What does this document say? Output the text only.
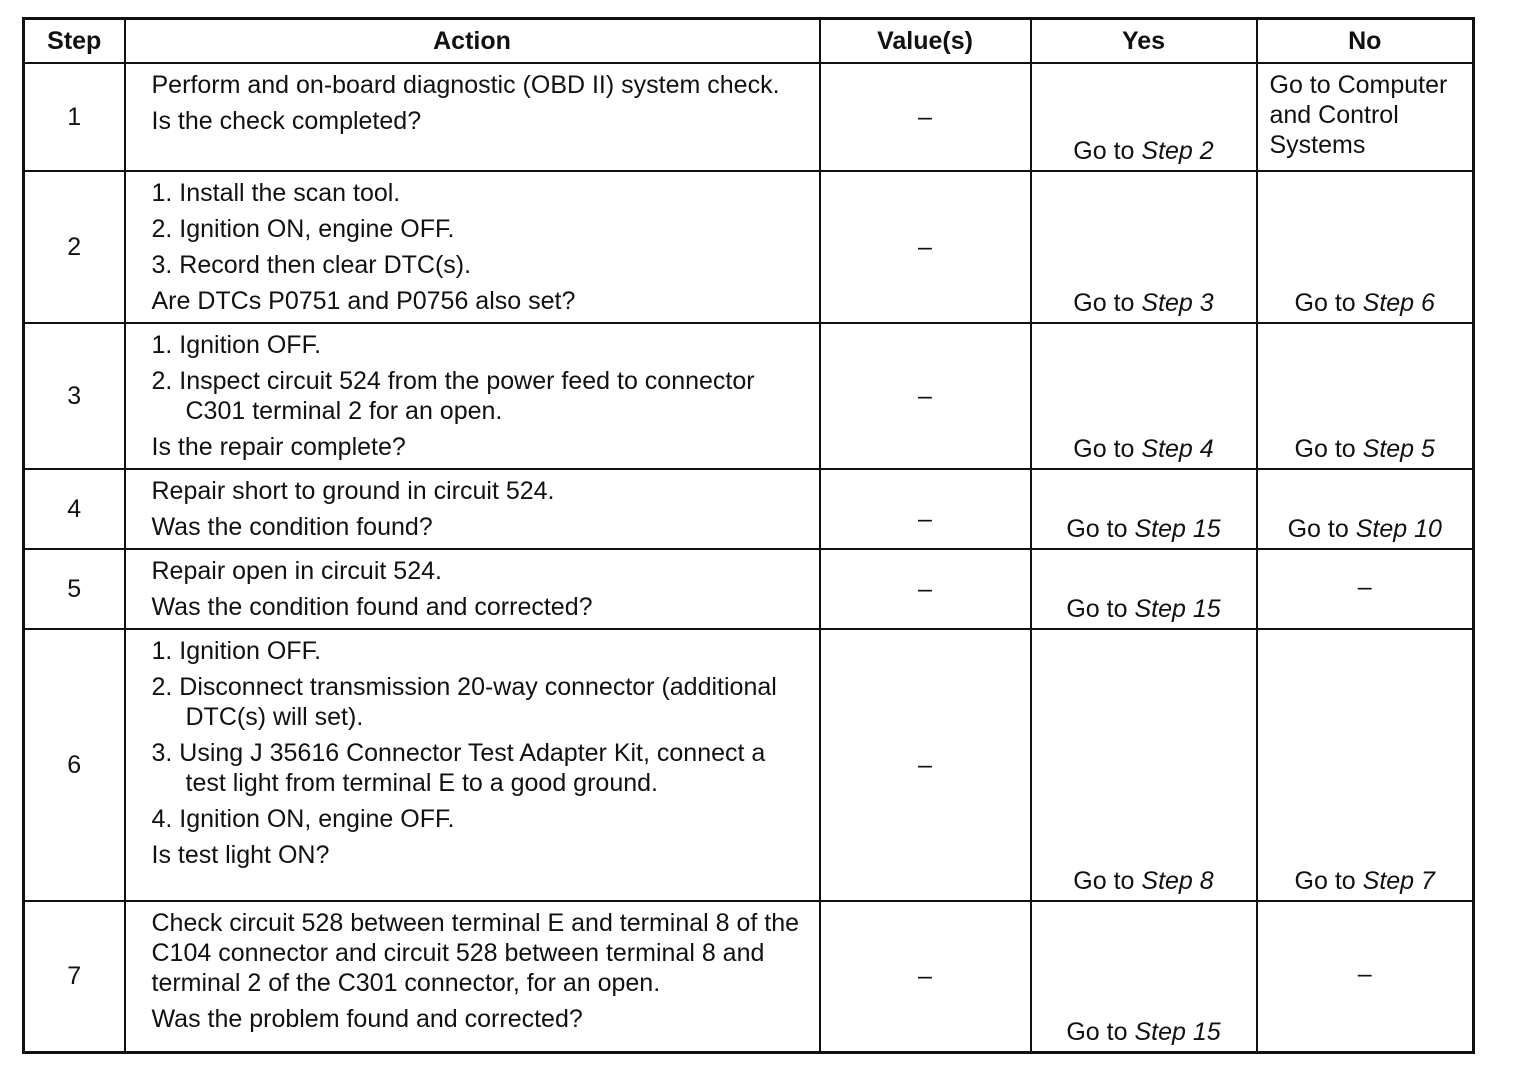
Step	Action	Value(s)	Yes	No
1	Perform and on-board diagnostic (OBD II) system check.
Is the check completed?	–	Go to Step 2	Go to Computer and Control Systems
2	1. Install the scan tool.
2. Ignition ON, engine OFF.
3. Record then clear DTC(s).
Are DTCs P0751 and P0756 also set?	–	Go to Step 3	Go to Step 6
3	1. Ignition OFF.
2. Inspect circuit 524 from the power feed to connector C301 terminal 2 for an open.
Is the repair complete?	–	Go to Step 4	Go to Step 5
4	Repair short to ground in circuit 524.
Was the condition found?	–	Go to Step 15	Go to Step 10
5	Repair open in circuit 524.
Was the condition found and corrected?	–	Go to Step 15	–
6	1. Ignition OFF.
2. Disconnect transmission 20-way connector (additional DTC(s) will set).
3. Using J 35616 Connector Test Adapter Kit, connect a test light from terminal E to a good ground.
4. Ignition ON, engine OFF.
Is test light ON?	–	Go to Step 8	Go to Step 7
7	Check circuit 528 between terminal E and terminal 8 of the C104 connector and circuit 528 between terminal 8 and terminal 2 of the C301 connector, for an open.
Was the problem found and corrected?	–	Go to Step 15	–
